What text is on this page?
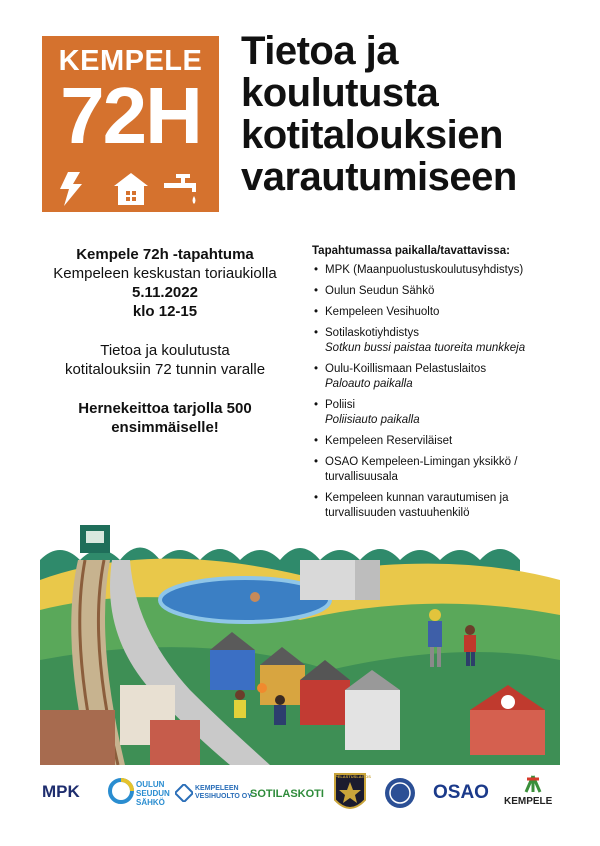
KEMPELE
72H
Tietoa ja
koulutusta
kotitalouksien
varautumiseen
Kempele 72h -tapahtuma
Kempeleen keskustan toriaukiolla
5.11.2022
klo 12-15
Tietoa ja koulutusta
kotitalouksiin 72 tunnin varalle
Hernekeittoa tarjolla 500
ensimmäiselle!
Tapahtumassa paikalla/tavattavissa:
• MPK (Maanpuolustuskoulutusyhdistys)
• Oulun Seudun Sähkö
• Kempeleen Vesihuolto
• Sotilaskotiyhdistys
Sotkun bussi paistaa tuoreita munkkeja
• Oulu-Koillismaan Pelastuslaitos
Paloauto paikalla
• Poliisi
Poliisiauto paikalla
• Kempeleen Reserviläiset
• OSAO Kempeleen-Limingan yksikkö / turvallisuusala
• Kempeleen kunnan varautumisen ja turvallisuuden vastuuhenkilö
MPK	OULUN
SEUDUN
SÄHKÖ
KEMPELEEN
VESIHUOLTO OY
SOTILASKOTI
PELASTUSLAITOS
OSAO KEMPELE
